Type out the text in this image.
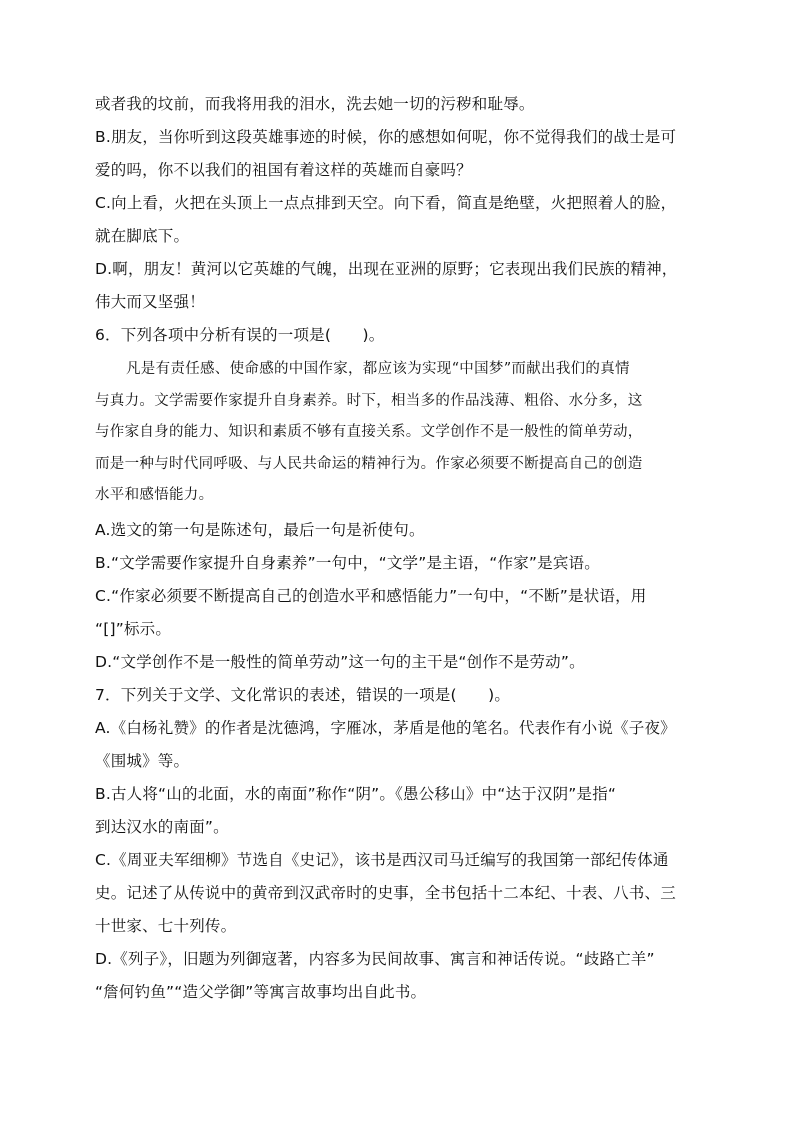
或者我的坟前，而我将用我的泪水，洗去她一切的污秽和耻辱。
B.朋友，当你听到这段英雄事迹的时候，你的感想如何呢，你不觉得我们的战士是可
爱的吗，你不以我们的祖国有着这样的英雄而自豪吗？
C.向上看，火把在头顶上一点点排到天空。向下看，简直是绝壁，火把照着人的脸，
就在脚底下。
D.啊，朋友！黄河以它英雄的气魄，出现在亚洲的原野；它表现出我们民族的精神，
伟大而又坚强！
6．下列各项中分析有误的一项是(　　)。
凡是有责任感、使命感的中国作家，都应该为实现“中国梦”而献出我们的真情
与真力。文学需要作家提升自身素养。时下，相当多的作品浅薄、粗俗、水分多，这
与作家自身的能力、知识和素质不够有直接关系。文学创作不是一般性的简单劳动，
而是一种与时代同呼吸、与人民共命运的精神行为。作家必须要不断提高自己的创造
水平和感悟能力。
A.选文的第一句是陈述句，最后一句是祈使句。
B.“文学需要作家提升自身素养”一句中，“文学”是主语，“作家”是宾语。
C.“作家必须要不断提高自己的创造水平和感悟能力”一句中，“不断”是状语，用
“[]”标示。
D.“文学创作不是一般性的简单劳动”这一句的主干是“创作不是劳动”。
7．下列关于文学、文化常识的表述，错误的一项是(　　)。
A.《白杨礼赞》的作者是沈德鸿，字雁冰，茅盾是他的笔名。代表作有小说《子夜》
《围城》等。
B.古人将“山的北面，水的南面”称作“阴”。《愚公移山》中“达于汉阴”是指“
到达汉水的南面”。
C.《周亚夫军细柳》节选自《史记》，该书是西汉司马迁编写的我国第一部纪传体通
史。记述了从传说中的黄帝到汉武帝时的史事，全书包括十二本纪、十表、八书、三
十世家、七十列传。
D.《列子》，旧题为列御寇著，内容多为民间故事、寓言和神话传说。“歧路亡羊”
“詹何钓鱼”“造父学御”等寓言故事均出自此书。
